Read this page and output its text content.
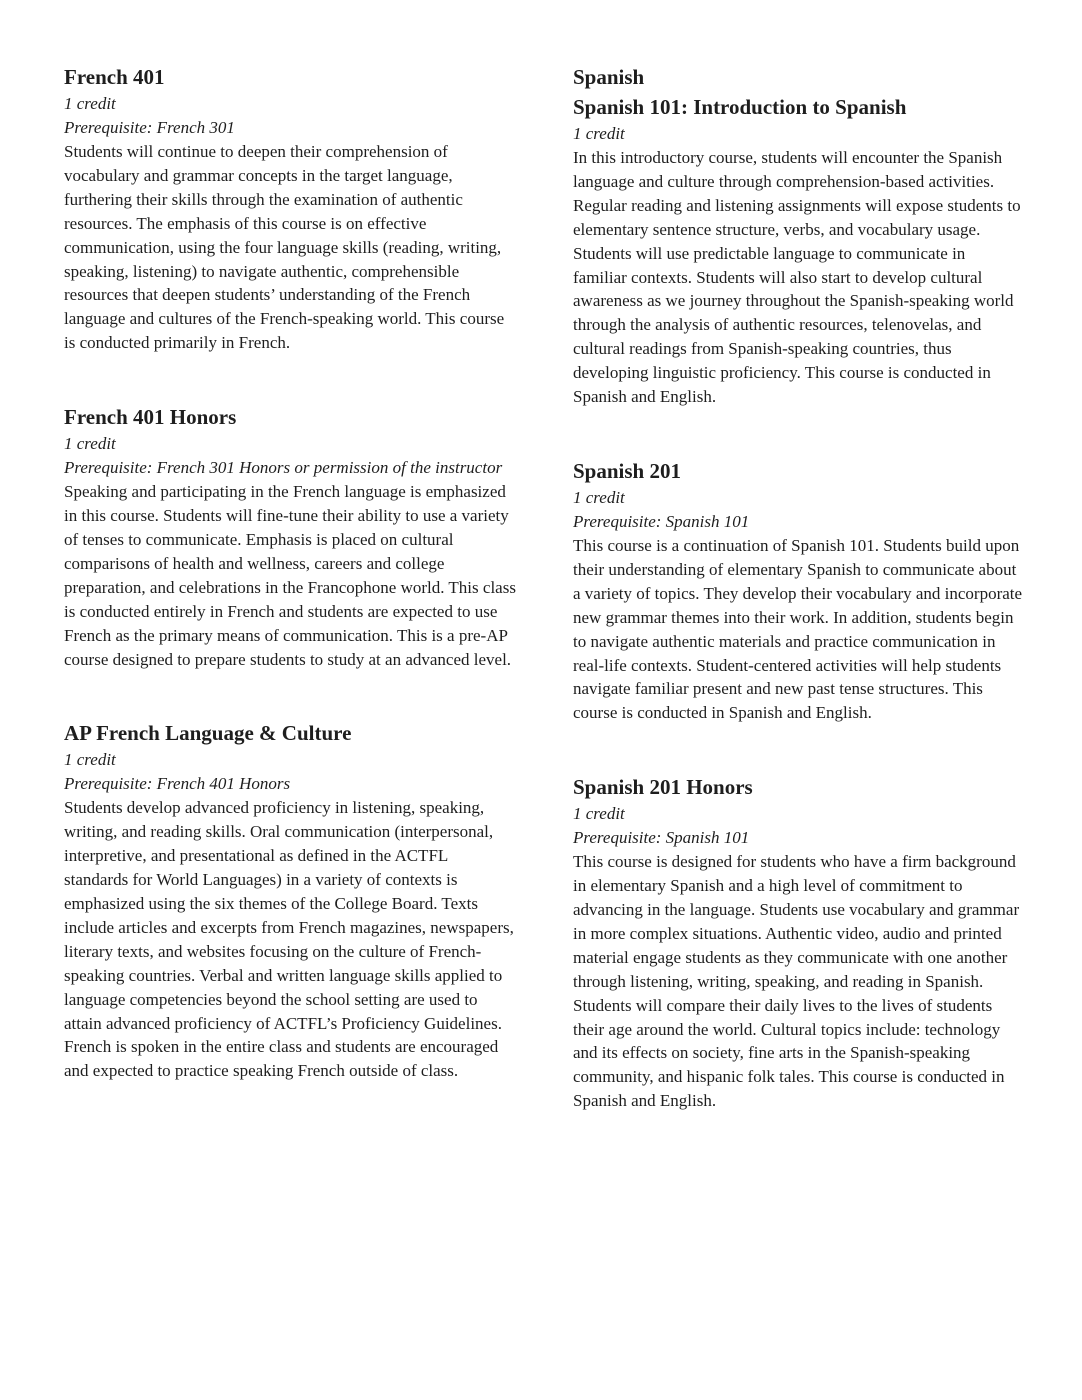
French 401

1 credit

Prerequisite: French 301

Students will continue to deepen their comprehension of vocabulary and grammar concepts in the target language, furthering their skills through the examination of authentic resources. The emphasis of this course is on effective communication, using the four language skills (reading, writing, speaking, listening) to navigate authentic, comprehensible resources that deepen students’ understanding of the French language and cultures of the French-speaking world. This course is conducted primarily in French.

French 401 Honors

1 credit

Prerequisite: French 301 Honors or permission of the instructor

Speaking and participating in the French language is emphasized in this course. Students will fine-tune their ability to use a variety of tenses to communicate. Emphasis is placed on cultural comparisons of health and wellness, careers and college preparation, and celebrations in the Francophone world. This class is conducted entirely in French and students are expected to use French as the primary means of communication. This is a pre-AP course designed to prepare students to study at an advanced level.

AP French Language & Culture

1 credit

Prerequisite: French 401 Honors

Students develop advanced proficiency in listening, speaking, writing, and reading skills. Oral communication (interpersonal, interpretive, and presentational as defined in the ACTFL standards for World Languages) in a variety of contexts is emphasized using the six themes of the College Board. Texts include articles and excerpts from French magazines, newspapers, literary texts, and websites focusing on the culture of French-speaking countries. Verbal and written language skills applied to language competencies beyond the school setting are used to attain advanced proficiency of ACTFL’s Proficiency Guidelines. French is spoken in the entire class and students are encouraged and expected to practice speaking French outside of class.

Spanish
Spanish 101: Introduction to Spanish

1 credit

In this introductory course, students will encounter the Spanish language and culture through comprehension-based activities. Regular reading and listening assignments will expose students to elementary sentence structure, verbs, and vocabulary usage. Students will use predictable language to communicate in familiar contexts. Students will also start to develop cultural awareness as we journey throughout the Spanish-speaking world through the analysis of authentic resources, telenovelas, and cultural readings from Spanish-speaking countries, thus developing linguistic proficiency. This course is conducted in Spanish and English.

Spanish 201

1 credit

Prerequisite: Spanish 101

This course is a continuation of Spanish 101. Students build upon their understanding of elementary Spanish to communicate about a variety of topics. They develop their vocabulary and incorporate new grammar themes into their work. In addition, students begin to navigate authentic materials and practice communication in real-life contexts. Student-centered activities will help students navigate familiar present and new past tense structures. This course is conducted in Spanish and English.

Spanish 201 Honors

1 credit

Prerequisite: Spanish 101

This course is designed for students who have a firm background in elementary Spanish and a high level of commitment to advancing in the language. Students use vocabulary and grammar in more complex situations. Authentic video, audio and printed material engage students as they communicate with one another through listening, writing, speaking, and reading in Spanish. Students will compare their daily lives to the lives of students their age around the world. Cultural topics include: technology and its effects on society, fine arts in the Spanish-speaking community, and hispanic folk tales. This course is conducted in Spanish and English.
